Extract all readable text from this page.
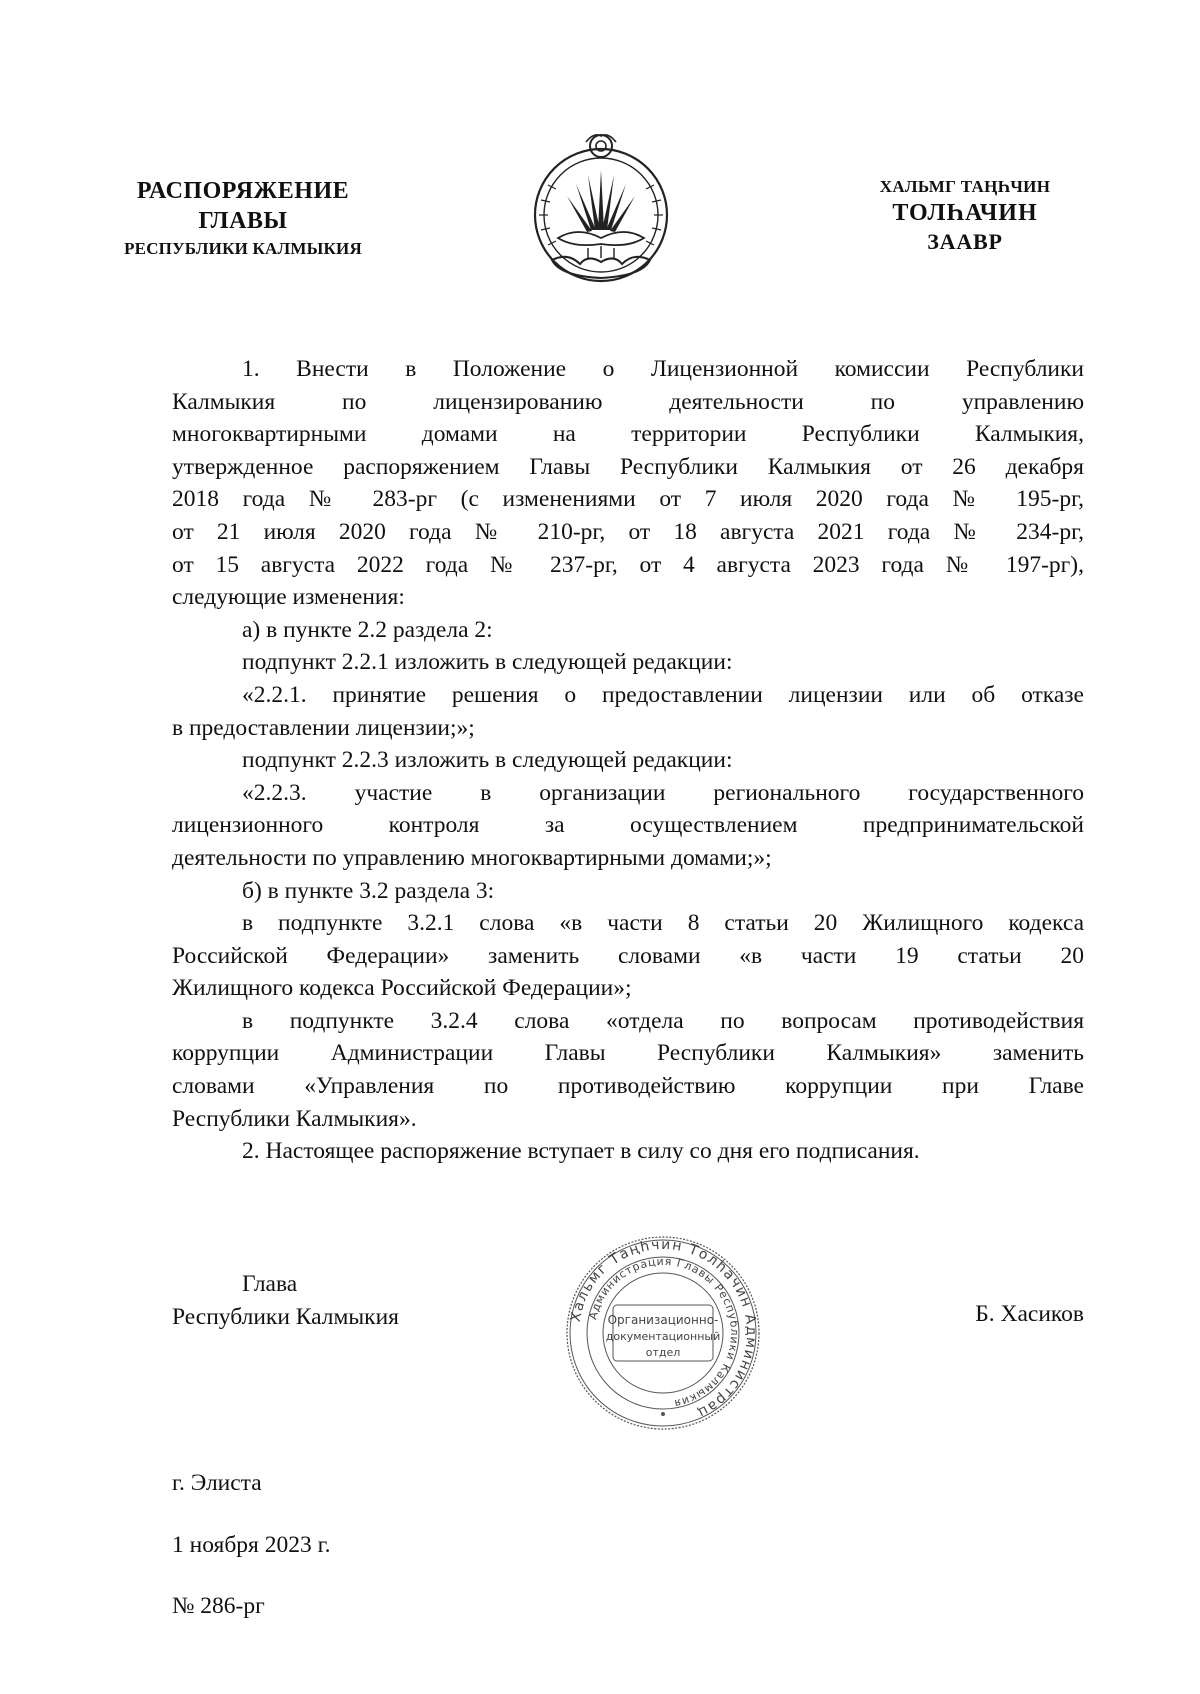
РАСПОРЯЖЕНИЕ
ГЛАВЫ
РЕСПУБЛИКИ КАЛМЫКИЯ
ХАЛЬМГ ТАҢҺЧИН
ТОЛҺАЧИН
ЗААВР

1. Внести в Положение о Лицензионной комиссии Республики

Калмыкия по лицензированию деятельности по управлению

многоквартирными домами на территории Республики Калмыкия,

утвержденное распоряжением Главы Республики Калмыкия от 26 декабря

2018 года № 283-рг (с изменениями от 7 июля 2020 года № 195-рг,

от 21 июля 2020 года № 210-рг, от 18 августа 2021 года № 234-рг,

от 15 августа 2022 года № 237-рг, от 4 августа 2023 года № 197-рг),

следующие изменения:

а) в пункте 2.2 раздела 2:

подпункт 2.2.1 изложить в следующей редакции:

«2.2.1. принятие решения о предоставлении лицензии или об отказе

в предоставлении лицензии;»;

подпункт 2.2.3 изложить в следующей редакции:

«2.2.3. участие в организации регионального государственного

лицензионного контроля за осуществлением предпринимательской

деятельности по управлению многоквартирными домами;»;

б) в пункте 3.2 раздела 3:

в подпункте 3.2.1 слова «в части 8 статьи 20 Жилищного кодекса

Российской Федерации» заменить словами «в части 19 статьи 20

Жилищного кодекса Российской Федерации»;

в подпункте 3.2.4 слова «отдела по вопросам противодействия

коррупции Администрации Главы Республики Калмыкия» заменить

словами «Управления по противодействию коррупции при Главе

Республики Калмыкия».

2. Настоящее распоряжение вступает в силу со дня его подписания.

Глава
Республики Калмыкия	Хальмг Таңһчин Толһачин Администрац
Администрация Главы Республики Калмыкия
Организационно-
документационный
отдел
Б. Хасиков
г. Элиста
1 ноября 2023 г.
№ 286-рг
